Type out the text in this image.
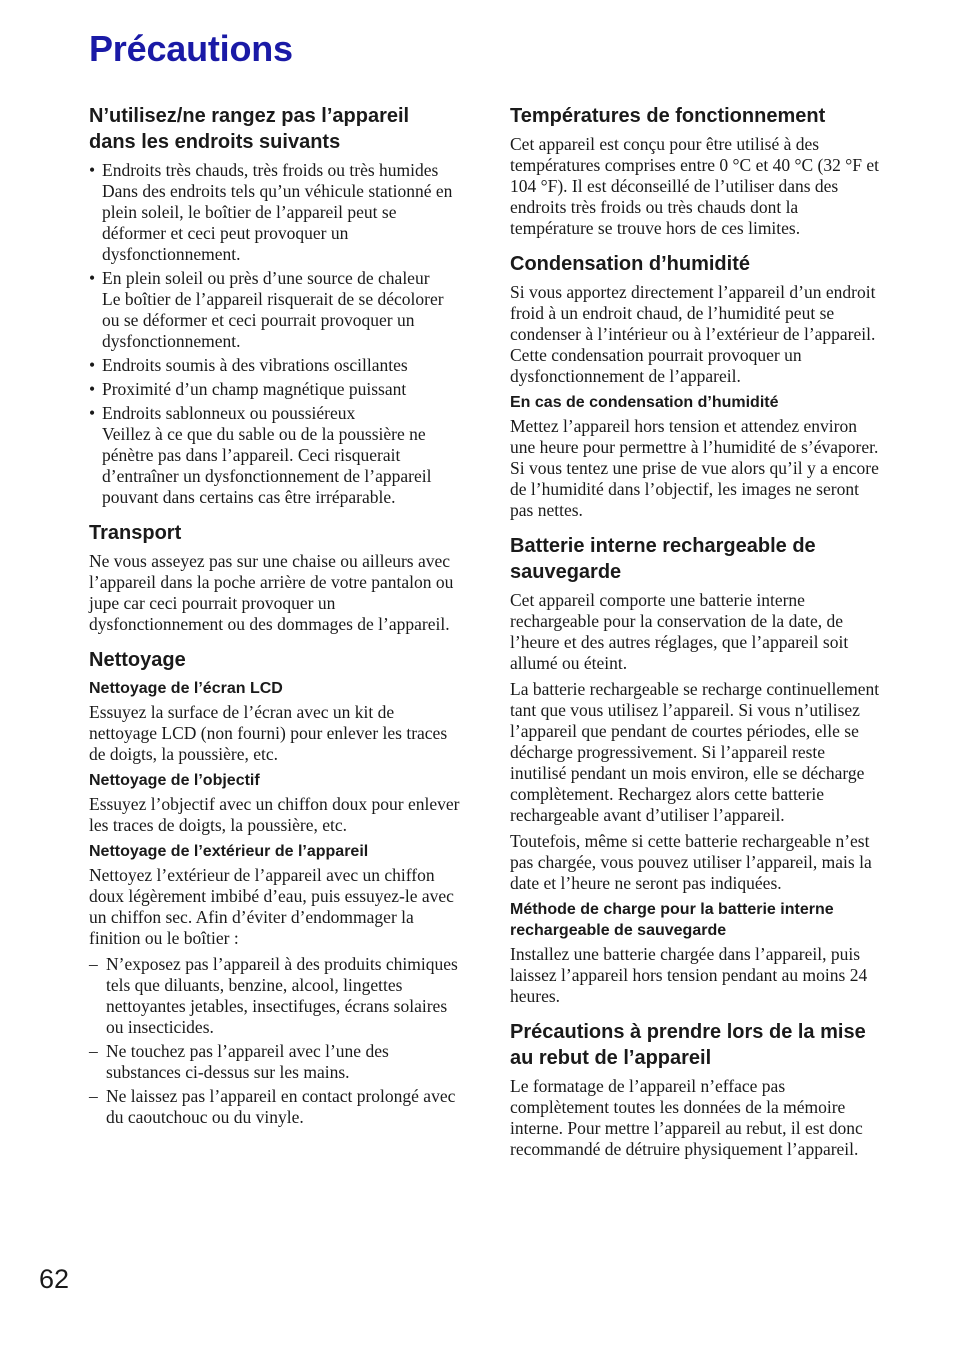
Précautions
N’utilisez/ne rangez pas l’appareil dans les endroits suivants
• Endroits très chauds, très froids ou très humides
Dans des endroits tels qu’un véhicule stationné en plein soleil, le boîtier de l’appareil peut se déformer et ceci peut provoquer un dysfonctionnement.
• En plein soleil ou près d’une source de chaleur
Le boîtier de l’appareil risquerait de se décolorer ou se déformer et ceci pourrait provoquer un dysfonctionnement.
• Endroits soumis à des vibrations oscillantes
• Proximité d’un champ magnétique puissant
• Endroits sablonneux ou poussiéreux
Veillez à ce que du sable ou de la poussière ne pénètre pas dans l’appareil. Ceci risquerait d’entraîner un dysfonctionnement de l’appareil pouvant dans certains cas être irréparable.
Transport

Ne vous asseyez pas sur une chaise ou ailleurs avec l’appareil dans la poche arrière de votre pantalon ou jupe car ceci pourrait provoquer un dysfonctionnement ou des dommages de l’appareil.

Nettoyage
Nettoyage de l’écran LCD

Essuyez la surface de l’écran avec un kit de nettoyage LCD (non fourni) pour enlever les traces de doigts, la poussière, etc.

Nettoyage de l’objectif

Essuyez l’objectif avec un chiffon doux pour enlever les traces de doigts, la poussière, etc.

Nettoyage de l’extérieur de l’appareil

Nettoyez l’extérieur de l’appareil avec un chiffon doux légèrement imbibé d’eau, puis essuyez-le avec un chiffon sec. Afin d’éviter d’endommager la finition ou le boîtier :

– N’exposez pas l’appareil à des produits chimiques tels que diluants, benzine, alcool, lingettes nettoyantes jetables, insectifuges, écrans solaires ou insecticides.
– Ne touchez pas l’appareil avec l’une des substances ci-dessus sur les mains.
– Ne laissez pas l’appareil en contact prolongé avec du caoutchouc ou du vinyle.
Températures de fonctionnement

Cet appareil est conçu pour être utilisé à des températures comprises entre 0 °C et 40 °C (32 °F et 104 °F). Il est déconseillé de l’utiliser dans des endroits très froids ou très chauds dont la température se trouve hors de ces limites.

Condensation d’humidité

Si vous apportez directement l’appareil d’un endroit froid à un endroit chaud, de l’humidité peut se condenser à l’intérieur ou à l’extérieur de l’appareil. Cette condensation pourrait provoquer un dysfonctionnement de l’appareil.

En cas de condensation d’humidité

Mettez l’appareil hors tension et attendez environ une heure pour permettre à l’humidité de s’évaporer. Si vous tentez une prise de vue alors qu’il y a encore de l’humidité dans l’objectif, les images ne seront pas nettes.

Batterie interne rechargeable de sauvegarde

Cet appareil comporte une batterie interne rechargeable pour la conservation de la date, de l’heure et des autres réglages, que l’appareil soit allumé ou éteint.

La batterie rechargeable se recharge continuellement tant que vous utilisez l’appareil. Si vous n’utilisez l’appareil que pendant de courtes périodes, elle se décharge progressivement. Si l’appareil reste inutilisé pendant un mois environ, elle se décharge complètement. Rechargez alors cette batterie rechargeable avant d’utiliser l’appareil.

Toutefois, même si cette batterie rechargeable n’est pas chargée, vous pouvez utiliser l’appareil, mais la date et l’heure ne seront pas indiquées.

Méthode de charge pour la batterie interne rechargeable de sauvegarde

Installez une batterie chargée dans l’appareil, puis laissez l’appareil hors tension pendant au moins 24 heures.

Précautions à prendre lors de la mise au rebut de l’appareil

Le formatage de l’appareil n’efface pas complètement toutes les données de la mémoire interne. Pour mettre l’appareil au rebut, il est donc recommandé de détruire physiquement l’appareil.

62
